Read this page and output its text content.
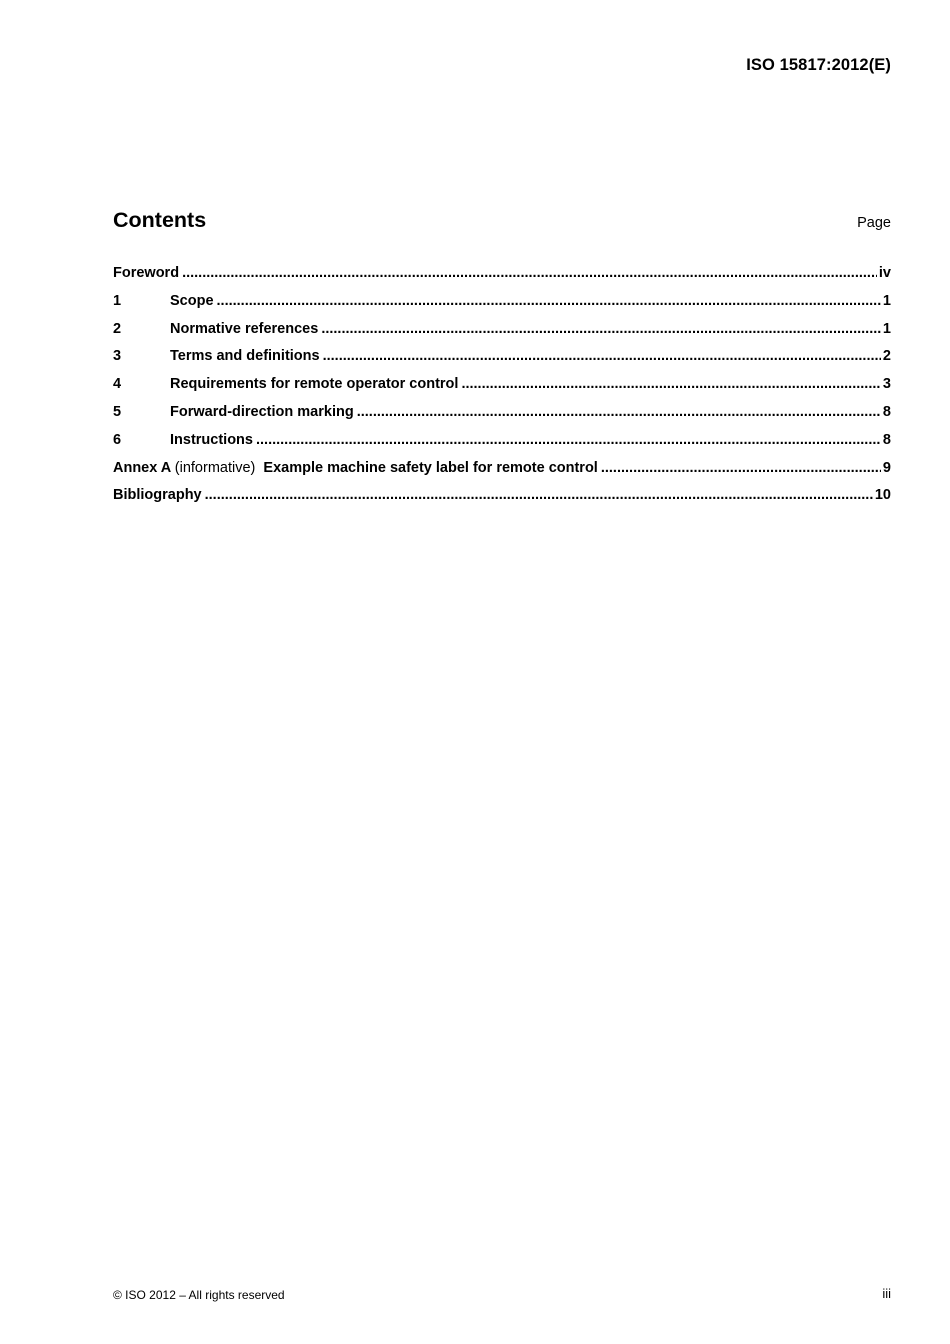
ISO 15817:2012(E)
Contents	Page
Foreword .....	iv
1	Scope .....	1
2	Normative references .....	1
3	Terms and definitions .....	2
4	Requirements for remote operator control .....	3
5	Forward-direction marking .....	8
6	Instructions .....	8
Annex A (informative) Example machine safety label for remote control .....	9
Bibliography .....	10
© ISO 2012 – All rights reserved	iii
